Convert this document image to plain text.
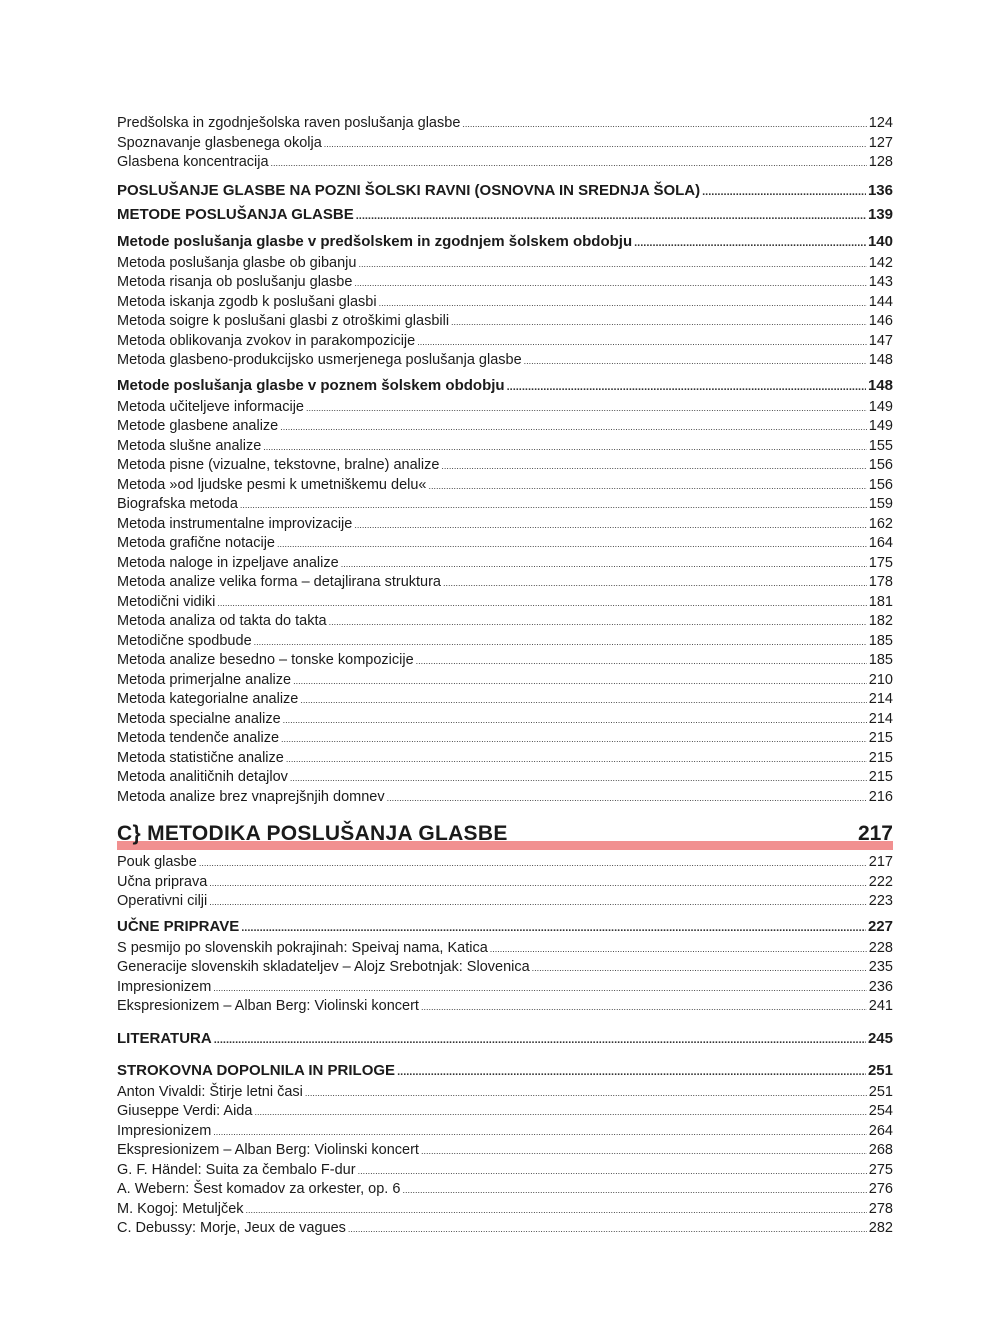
Predšolska in zgodnješolska raven poslušanja glasbe .....	124
Spoznavanje glasbenega okolja .....	127
Glasbena koncentracija .....	128
POSLUŠANJE GLASBE NA POZNI ŠOLSKI RAVNI (OSNOVNA IN SREDNJA ŠOLA) .....	136
METODE POSLUŠANJA GLASBE .....	139
Metode poslušanja glasbe v predšolskem in zgodnjem šolskem obdobju .....	140
Metoda poslušanja glasbe ob gibanju .....	142
Metoda risanja ob poslušanju glasbe .....	143
Metoda iskanja zgodb k poslušani glasbi .....	144
Metoda soigre k poslušani glasbi z otroškimi glasbili .....	146
Metoda oblikovanja zvokov in parakompozicije .....	147
Metoda glasbeno-produkcijsko usmerjenega poslušanja glasbe .....	148
Metode poslušanja glasbe v poznem šolskem obdobju .....	148
Metoda učiteljeve informacije .....	149
Metode glasbene analize .....	149
Metoda slušne analize .....	155
Metoda pisne (vizualne, tekstovne, bralne) analize .....	156
Metoda »od ljudske pesmi k umetniškemu delu« .....	156
Biografska metoda .....	159
Metoda instrumentalne improvizacije .....	162
Metoda grafične notacije .....	164
Metoda naloge in izpeljave analize .....	175
Metoda analize velika forma – detajlirana struktura .....	178
Metodični vidiki .....	181
Metoda analiza od takta do takta .....	182
Metodične spodbude .....	185
Metoda analize besedno – tonske kompozicije .....	185
Metoda primerjalne analize .....	210
Metoda kategorialne analize .....	214
Metoda specialne analize .....	214
Metoda tendenče analize .....	215
Metoda statistične analize .....	215
Metoda analitičnih detajlov .....	215
Metoda analize brez vnaprejšnjih domnev .....	216
C} METODIKA POSLUŠANJA GLASBE	217
Pouk glasbe .....	217
Učna priprava .....	222
Operativni cilji .....	223
UČNE PRIPRAVE .....	227
S pesmijo po slovenskih pokrajinah: Speivaj nama, Katica .....	228
Generacije slovenskih skladateljev – Alojz Srebotnjak: Slovenica .....	235
Impresionizem .....	236
Ekspresionizem – Alban Berg: Violinski koncert .....	241
LITERATURA .....	245
STROKOVNA DOPOLNILA IN PRILOGE .....	251
Anton Vivaldi: Štirje letni časi .....	251
Giuseppe Verdi: Aida .....	254
Impresionizem .....	264
Ekspresionizem – Alban Berg: Violinski koncert .....	268
G. F. Händel: Suita za čembalo F-dur .....	275
A. Webern: Šest komadov za orkester, op. 6 .....	276
M. Kogoj: Metuljček .....	278
C. Debussy: Morje, Jeux de vagues .....	282
